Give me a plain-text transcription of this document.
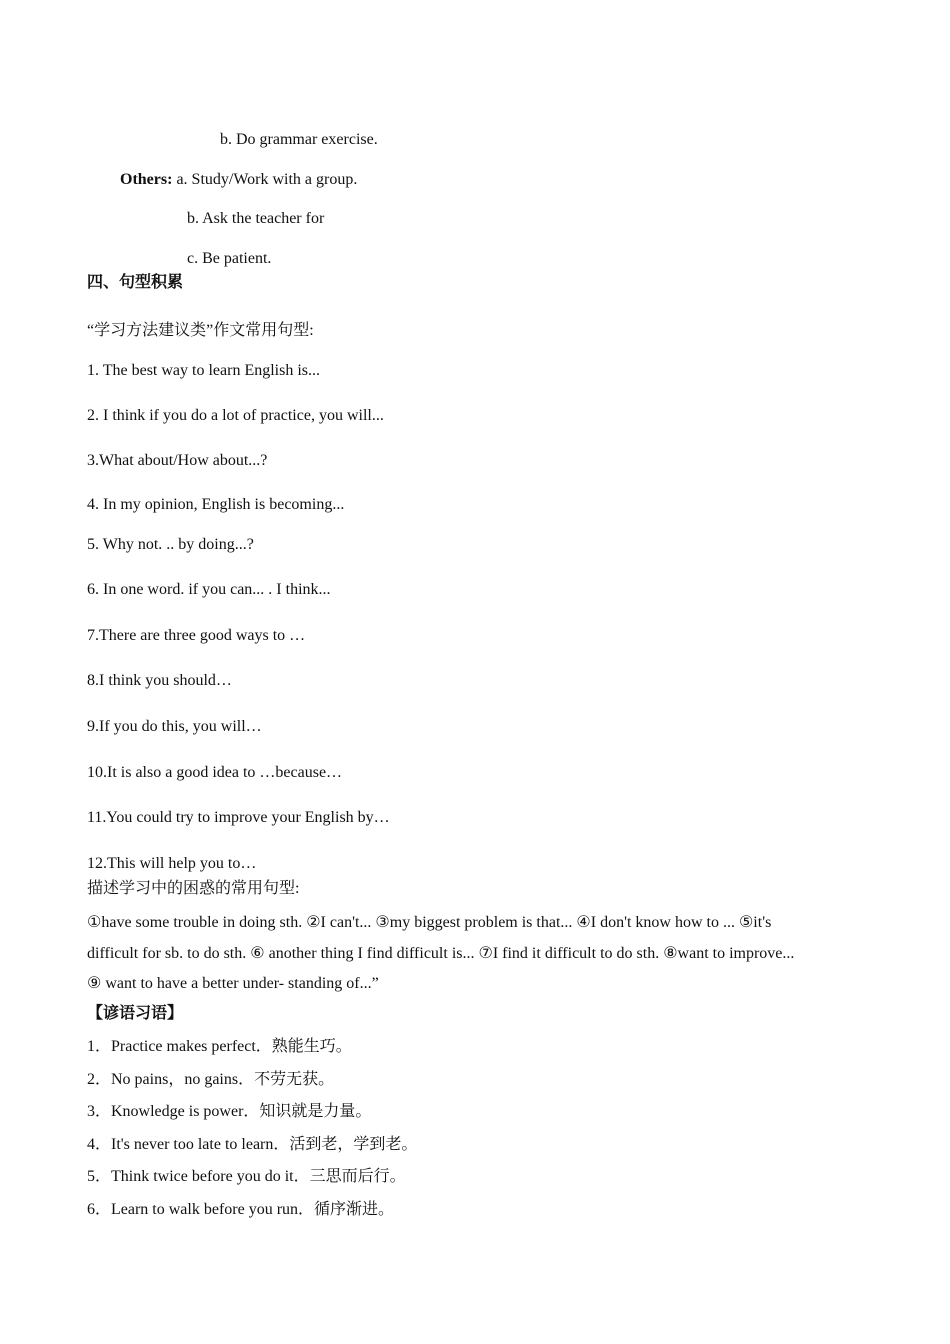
b. Do grammar exercise.
Others: a. Study/Work with a group.
b. Ask the teacher for
c. Be patient.
四、句型积累
“学习方法建议类”作文常用句型:
1. The best way to learn English is...
2. I think if you do a lot of practice, you will...
3.What about/How about...?
4. In my opinion, English is becoming...
5. Why not. .. by doing...?
6. In one word. if you can... . I think...
7.There are three good ways to …
8.I think you should…
9.If you do this, you will…
10.It is also a good idea to …because…
11.You could try to improve your English by…
12.This will help you to…
描述学习中的困惑的常用句型:
①have some trouble in doing sth. ②I can't... ③my biggest problem is that... ④I don't know how to ... ⑤it's
difficult for sb. to do sth. ⑥ another thing I find difficult is... ⑦I find it difficult to do sth. ⑧want to improve...
⑨ want to have a better under- standing of...”
【谚语习语】
1．Practice makes perfect．熟能生巧。
2．No pains，no gains．不劳无获。
3．Knowledge is power．知识就是力量。
4．It's never too late to learn．活到老，学到老。
5．Think twice before you do it．三思而后行。
6．Learn to walk before you run．循序渐进。
